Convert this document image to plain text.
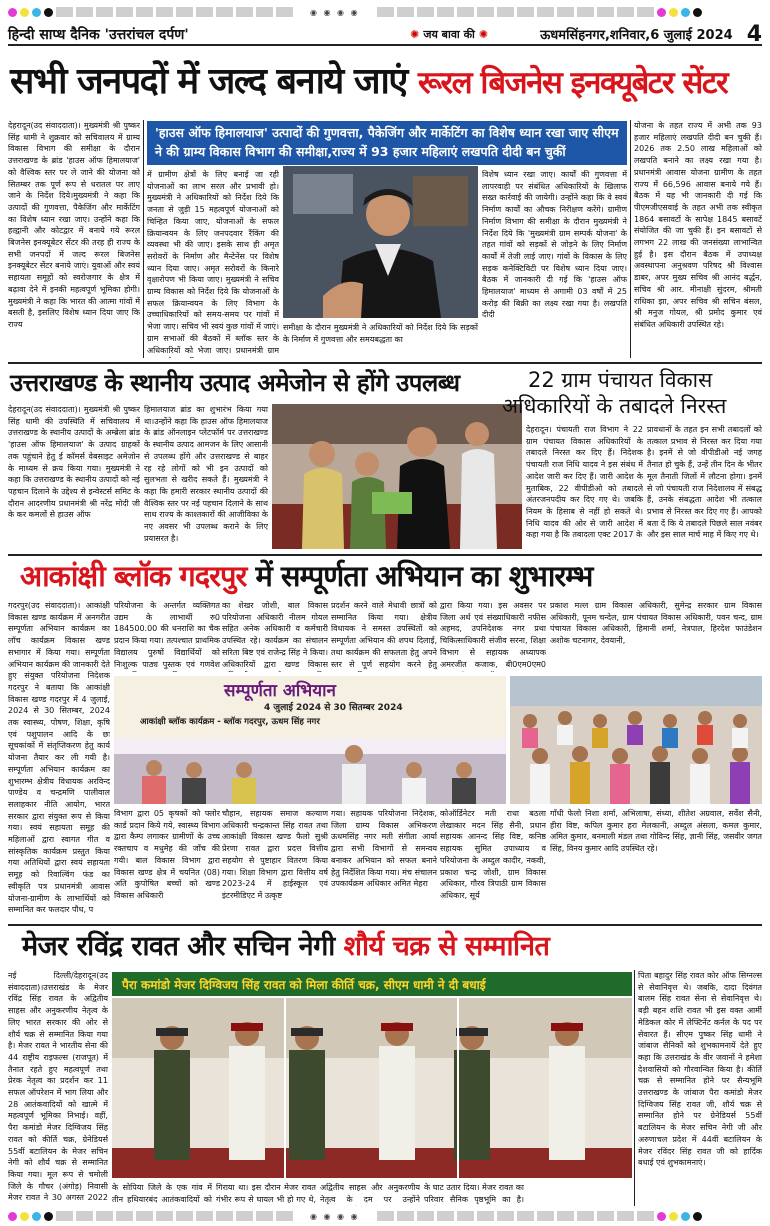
◉ ◉ ◉ ◉
हिन्दी साप्ध दैनिक 'उत्तरांचल दर्पण'	✺ जय बावा की ✺	ऊधमसिंहनगर,शनिवार,6 जुलाई 2024 4
सभी जनपदों में जल्द बनाये जाएं रूरल बिजनेस इनक्यूबेटर सेंटर
देहरादून(उद संवाददाता)। मुख्यमंत्री श्री पुष्कर सिंह धामी ने शुक्रवार को सचिवालय में ग्राम्य विकास विभाग की समीक्षा के दौरान उत्तराखण्ड के ब्रांड 'हाउस ऑफ हिमालयाज' को वैश्विक स्तर पर ले जाने की योजना को सितम्बर तक पूर्ण रूप से धरातल पर लाए जाने के निर्देश दिये।मुख्यमंत्री ने कहा कि उत्पादों की गुणवत्ता, पैकेजिंग और मार्केटिंग का विशेष ध्यान रखा जाए। उन्होंने कहा कि हल्द्वानी और कोटद्वार में बनाये गये रूरल बिजनेस इनक्यूबेटर सेंटर की तरह ही राज्य के सभी जनपदों में जल्द रूरल बिजनेस इनक्यूबेटर सेंटर बनाये जाएं। युवाओं और स्वयं सहायता समूहों को स्वरोजगार के क्षेत्र में बढ़ावा देने में इनकी महत्वपूर्ण भूमिका होगी।मुख्यमंत्री ने कहा कि भारत की आत्मा गांवों में बसती है, इसलिए विशेष ध्यान दिया जाए कि राज्य
'हाउस ऑफ हिमालयाज' उत्पादों की गुणवत्ता, पैकेजिंग और मार्केटिंग का विशेष ध्यान रखा जाए सीएम ने की ग्राम्य विकास विभाग की समीक्षा,राज्य में 93 हजार महिलाएं लखपति दीदी बन चुकीं
में ग्रामीण क्षेत्रों के लिए बनाई जा रही योजनाओं का लाभ सरल और प्रभावी हो। मुख्यमंत्री ने अधिकारियों को निर्देश दिये कि जनता से जुड़ी 15 महत्वपूर्ण योजनाओं को चिन्हित किया जाए, योजनाओं के सफल क्रियान्वयन के लिए जनपदवार रैंकिंग की व्यवस्था भी की जाए। इसके साथ ही अमृत सरोवरों के निर्माण और मैन्टेनेंस पर विशेष ध्यान दिया जाए। अमृत सरोवरों के किनारे वृक्षारोपण भी किया जाए। मुख्यमंत्री ने सचिव ग्राम्य विकास को निर्देश दिये कि योजनाओं के सफल क्रियान्वयन के लिए विभाग के उच्चाधिकारियों को समय-समय पर गांवों में भेजा जाए। सचिव भी स्वयं कुछ गांवों में जाएं। ग्राम सभाओं की बैठकों में ब्लॉक स्तर के अधिकारियों को भेजा जाए। प्रधानमंत्री ग्राम
समीक्षा के दौरान मुख्यमंत्री ने अधिकारियों को निर्देश दिये कि सड़कों के निर्माण में गुणवत्ता और समयबद्धता का
विशेष ध्यान रखा जाए। कार्यों की गुणवत्ता में लापरवाही पर संबंधित अधिकारियों के खिलाफ सख्त कार्रवाई की जायेगी। उन्होंने कहा कि वे स्वयं निर्माण कार्यों का औचक निरीक्षण करेंगे। ग्रामीण निर्माण विभाग की समीक्षा के दौरान मुख्यमंत्री ने निर्देश दिये कि 'मुख्यमंत्री ग्राम सम्पर्क योजना' के तहत गांवों को सड़कों से जोड़ने के लिए निर्माण कार्यों में तेजी लाई जाए। गांवों के विकास के लिए सड़क कनेक्टिविटी पर विशेष ध्यान दिया जाए। बैठक में जानकारी दी गई कि 'हाउस ऑफ हिमालयाज' माध्यम से अगामी 03 वर्षों में 25 करोड़ की बिक्री का लक्ष्य रखा गया है। लखपति दीदी
योजना के तहत राज्य में अभी तक 93 हजार महिलाएं लखपति दीदी बन चुकी हैं। 2026 तक 2.50 लाख महिलाओं को लखपति बनाने का लक्ष्य रखा गया है। प्रधानमंत्री आवास योजना ग्रामीण के तहत राज्य में 66,596 आवास बनाये गये हैं।बैठक में यह भी जानकारी दी गई कि पीएमजीएसवाई के तहत अभी तक स्वीकृत 1864 बसावटों के सापेक्ष 1845 बसावटें संयोजित की जा चुकी हैं। इन बसावटों से लगभग 22 लाख की जनसंख्या लाभान्वित हुई है। इस दौरान बैठक में उपाध्यक्ष अवस्थापना अनुश्रवण परिषद श्री विश्वास डाबर, अपर मुख्य सचिव श्री आनंद बर्द्धन, सचिव श्री आर. मीनाक्षी सुंदरम, श्रीमती राधिका झा, अपर सचिव श्री सचिन बंसल, श्री मनुज गोयल, श्री प्रमोद कुमार एवं संबंधित अधिकारी उपस्थित रहे।
उत्तराखण्ड के स्थानीय उत्पाद अमेजोन से होंगे उपलब्ध
देहरादून(उद संवाददाता)। मुख्यमंत्री श्री पुष्कर सिंह धामी की उपस्थिति में सचिवालय में उत्तराखण्ड के स्थानीय उत्पादों के अम्ब्रेला ब्रांड 'हाउस ऑफ हिमालयाज' के उत्पाद ग्राहकों तक पहुंचाने हेतु ई कॉमर्स वेबसाइट अमेजोन के माध्यम से क्रय किया गया। मुख्यमंत्री ने कहा कि उत्तराखण्ड के स्थानीय उत्पादों को नई पहचान दिलाने के उद्देश्य से इन्वेस्टर्स समिट के दौरान आदरणीय प्रधानमंत्री श्री नरेंद्र मोदी जी के कर कमलों से हाउस ऑफ
हिमालयाज ब्रांड का शुभारंभ किया गया था।उन्होंने कहा कि हाउस ऑफ हिमालयाज के ब्रांड ऑनलाइन प्लेटफॉर्म पर उत्तराखण्ड के स्थानीय उत्पाद आमजन के लिए आसानी से उपलब्ध होंगे और उत्तराखण्ड से बाहर रह रहे लोगों को भी इन उत्पादों को सुलभता से खरीद सकते हैं। मुख्यमंत्री ने कहा कि हमारी सरकार स्थानीय उत्पादों की वैश्विक स्तर पर नई पहचान दिलाने के साथ साथ राज्य के काश्तकारों की आजीविका के नए अवसर भी उपलब्ध कराने के लिए प्रयासरत है।
22 ग्राम पंचायत विकास
अधिकारियों के तबादले निरस्त
देहरादून। पंचायती राज विभाग ने 22 ग्राम पंचायत विकास अधिकारियों के तबादले निरस्त कर दिए हैं। निदेशक पंचायती राज निधि यादव ने इस संबंध में आदेश जारी कर दिए हैं। जारी आदेश के मुताबिक, 22 वीपीडीओ को तबादले अंतरजनपदीय कर दिए गए थे। जबकि नियम के हिसाब से नहीं हो सकते थे। निधि यादव की ओर से जारी आदेश में कहा गया है कि तबादला एक्ट 2017 के
प्रावधानों के तहत इन सभी तबादलों को तत्काल प्रभाव से निरस्त कर दिया गया है। इनमें से जो वीपीडीओ नई जगह तैनात हो चुके हैं, उन्हें तीन दिन के भीतर मूल तैनाती जिलों में लौटना होगा। इनमें से जो पंचायती राज निदेशालय में संबद्ध हैं, उनके संबद्धता आदेश भी तत्काल प्रभाव से निरस्त कर दिए गए हैं। आपको बता दें कि ये तबादले पिछले साल नवंबर और इस साल मार्च माह में किए गए थे।
आकांक्षी ब्लॉक गदरपुर में सम्पूर्णता अभियान का शुभारम्भ
गदरपुर(उद संवाददाता)। आकांक्षी विकास खण्ड कार्यक्रम में अनगरीत सम्पूर्णता अभियान कार्यक्रम का लॉच कार्यक्रम विकास खण्ड सभागार में किया गया। सम्पूर्णता अभियान कार्यक्रम की जानकारी देते हुए संयुक्त परियोजना निदेशक गदरपुर ने बताया कि आकांक्षी विकास खण्ड गदरपुर में 4 जुलाई, 2024 से 30 सितम्बर, 2024 तक स्वास्थ्य, पोषण, शिक्षा, कृषि एवं पशुपालन आदि के छः सूचकांकों में संतृप्तिकरण हेतु कार्य योजना तैयार कर ली गयी है। सम्पूर्णता अभियान कार्यक्रम का शुभारम्भ क्षेत्रीय विधायक अरविन्द पाण्डेय व चन्द्रमणि पालीवाल सलाहकार नीति आयोग, भारत सरकार द्वारा संयुक्त रूप से किया गया। स्वयं सहायता समूह की महिलाओं द्वारा स्वागत गीत व सांस्कृतिक कार्यक्रम प्रस्तुत किया गया अतिथियों द्वारा स्वयं सहायता समूह को रिवाल्विंग फंड का स्वीकृति पत्र प्रधानमंत्री आवास योजना-ग्रामीण के लाभार्थियों को सम्मानित कर फलदार पौध, प
परियोजना के अन्तर्गत व्यक्तिगत उद्यम के लाभार्थी रु0 184500.00 की धनराशि का चैक प्रदान किया गया। तत्पश्चात प्राथमिक विद्यालय पुरुषों विद्यार्थियों को निःशुल्क पाठ्य पुस्तक एवं गणवेश
का शेखर जोशी, बाल विकास परियोजना अधिकारी नीलम गोयल सहित अनेक अधिकारी व कर्मचारी उपस्थित रहे। कार्यक्रम का संचालन सरिता बिष्ट एवं राजेन्द्र सिंह ने किया। अधिकारियों द्वारा खण्ड विकास
प्रदर्शन करने वाले मेधावी छात्रों को सम्मानित किया गया। क्षेत्रीय विधायक ने समस्त उपस्थितों को सम्पूर्णता अभियान की शपथ दिलाई, तथा कार्यक्रम की सफलता हेतु अपने स्तर से पूर्ण सहयोग करने हेतु
द्वारा किया गया। इस अवसर पर जिला अर्थ एवं संख्याधिकारी नफीस अहमद, उपनिदेशक नगर प्रथा चिकित्साधिकारी संजीव सरना, शिक्षा विभाग से सहायक अध्यापक अमरजीत कजाक, बी0एम0एम0
प्रकाश मल्ल ग्राम विकास अधिकारी, सुमेन्द्र सरकार ग्राम विकास अधिकारी, पूनम चन्देल, ग्राम पंचायत विकास अधिकारी, पवन चन्द, ग्राम पंचायत विकास अधिकारी, हिमानी शर्मा, नेत्रपाल, हिरदेश फाउंडेशन अशोक चटनागर, देवयानी,
सम्पूर्णता अभियान
4 जुलाई 2024 से 30 सितम्बर 2024
आकांक्षी ब्लॉक कार्यक्रम - ब्लॉक गदरपुर, ऊधम सिंह नगर
विभाग द्वारा 05 कृषकों को फ्लोर कार्ड प्रदान किये गये, स्वास्थ्य विभाग द्वारा कैम्प लगाकर ग्रामीणों के उच्च रक्तचाप व मधुमेह की जाँच की गयी। बाल विकास विभाग द्वारा विकास खण्ड क्षेत्र में चयनित (08) अति कुपोषित बच्चों को खण्ड विकास अधिकारी
चौहान, सहायक समाज कल्याण अधिकारी चन्द्रकान्त सिंह रावत तथा आकांक्षी विकास खण्ड फैलो सुश्री प्रेरणा रावत द्वारा प्रदत्त वित्तीय सहयोग से पुष्टाहार वितरण किया गया। शिक्षा विभाग द्वारा वित्तीय वर्ष 2023-24 में हाईस्कूल एवं इंटरमीडिएट में उत्कृष्ट
गया। सहायक परियोजना निदेशक, जिला ग्राम्य विकास अभिकरण ऊधमसिंह नगर मती संगीता आर्या द्वारा सभी विभागों से समन्वय बनाकर अभियान को सफल बनाने हेतु निर्देशित किया गया। मंच संचालन उपकार्यक्रम अधिकार अमित मेहरा
कोऑर्डिनेटर मती राधा बठला लेखाकार मदन सिंह सैनी, प्रधान सहायक आनन्द सिंह विष्ट, कनिष्ठ सहायक सुमित उपाध्याय व परियोजना के अब्दुल कादीर, नकवी, प्रकाश चन्द्र जोशी, ग्राम विकास अधिकार, गौरव त्रिपाठी ग्राम विकास अधिकार, सूर्य
गाँधी फेलो निशा शर्मा, अभिलाषा, संध्या, शीतेश अग्रवाल, सर्वेश सैनी, हीरा विष्ट, कपिल कुमार हरा मेलकानी, अब्दुल अंसला, कमल कुमार, अमित कुमार, बनमाली मंडल तथा गोविन्द सिंह, ज्ञानी सिंह, जसवीर जगत सिंह, विनय कुमार आदि उपस्थित रहे।
मेजर रविंद्र रावत और सचिन नेगी शौर्य चक्र से सम्मानित
नई दिल्ली/देहरादून(उद संवाददाता)।उत्तराखंड के मेजर रविंद्र सिंह रावत के अद्वितीय साहस और अनुकरणीय नेतृत्व के लिए भारत सरकार की ओर से शौर्य चक्र से सम्मानित किया गया है। मेजर रावत ने भारतीय सेना की 44 राष्ट्रीय राइफल्स (राजपूत) में तैनात रहते हुए महत्वपूर्ण तथा प्रेरक नेतृत्व का प्रदर्शन कर 11 सफल ऑपरेशन में भाग लिया और 28 आतंकवादियों को खात्मे में महत्वपूर्ण भूमिका निभाई। वहीं, पैरा कमांडो मेजर दिग्विजय सिंह रावत को कीर्ति चक्र, ग्रेनेडियर्स 55वीं बटालियन के मेजर सचिन नेगी को शौर्य चक्र से सम्मानित किया गया। मूल रूप से चमोली जिले के गौचर (अंगोड़) निवासी मेजर रावत ने 30 अगस्त 2022
पैरा कमांडो मेजर दिग्विजय सिंह रावत को मिला कीर्ति चक्र, सीएम धामी ने दी बधाई
के सोपिया जिले के एक गांव में तीन हथियारबंद आतंकवादियों को
गिराया था। इस दौरान मेजर रावत गंभीर रूप से घायल भी हो गए थे,
अद्वितीय साहस और अनुकरणीय नेतृत्व के दम पर उन्होंने
के घाट उतार दिया। मेजर रावत का परिवार सैनिक पृष्ठभूमि का है।
पिता बहादुर सिंह रावत कोर ऑफ सिग्नल्स से सेवानिवृत्त थे। जबकि, दादा दिवंगत बालम सिंह रावत सेना से सेवानिवृत्त थे। बड़ी बहन शशि रावत भी इस वक्त आर्मी मेडिकल कोर में लेफ्टिनेंट कर्नल के पद पर सेवारत हैं। सीएम पुष्कर सिंह धामी ने जांबाज सैनिकों को शुभकामनायें देते हुए कहा कि उत्तराखंड के वीर जवानों ने हमेशा देशवासियों को गौरवान्वित किया है। कीर्ति चक्र से सम्मानित होने पर सैन्यभूमि उत्तराखण्ड के जांबाज पैरा कमांडो मेजर दिग्विजय सिंह रावत जी, शौर्य चक्र से सम्मानित होने पर ग्रेनेडियर्स 55वीं बटालियन के मेजर सचिन नेगी जी और अरुणाचल प्रदेश में 44वीं बटालियन के मेजर रविंदर सिंह रावत जी को हार्दिक बधाई एवं शुभकामनाएं।
◉ ◉ ◉ ◉
